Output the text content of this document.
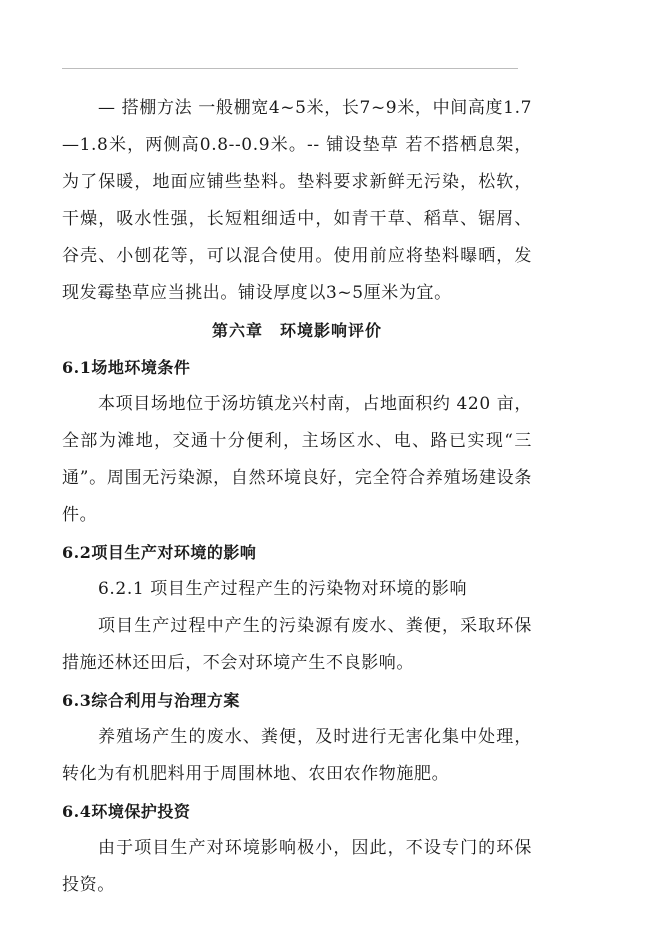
— 搭棚方法 一般棚宽4~5米，长7~9米，中间高度1.7—1.8米，两侧高0.8--0.9米。-- 铺设垫草 若不搭栖息架，为了保暖，地面应铺些垫料。垫料要求新鲜无污染，松软，干燥，吸水性强，长短粗细适中，如青干草、稻草、锯屑、谷壳、小刨花等，可以混合使用。使用前应将垫料曝晒，发现发霉垫草应当挑出。铺设厚度以3~5厘米为宜。

第六章　环境影响评价
6.1场地环境条件

本项目场地位于汤坊镇龙兴村南，占地面积约 420 亩，全部为滩地，交通十分便利，主场区水、电、路已实现“三通”。周围无污染源，自然环境良好，完全符合养殖场建设条件。

6.2项目生产对环境的影响

6.2.1 项目生产过程产生的污染物对环境的影响

项目生产过程中产生的污染源有废水、粪便，采取环保措施还林还田后，不会对环境产生不良影响。

6.3综合利用与治理方案

养殖场产生的废水、粪便，及时进行无害化集中处理，转化为有机肥料用于周围林地、农田农作物施肥。

6.4环境保护投资

由于项目生产对环境影响极小，因此，不设专门的环保投资。
